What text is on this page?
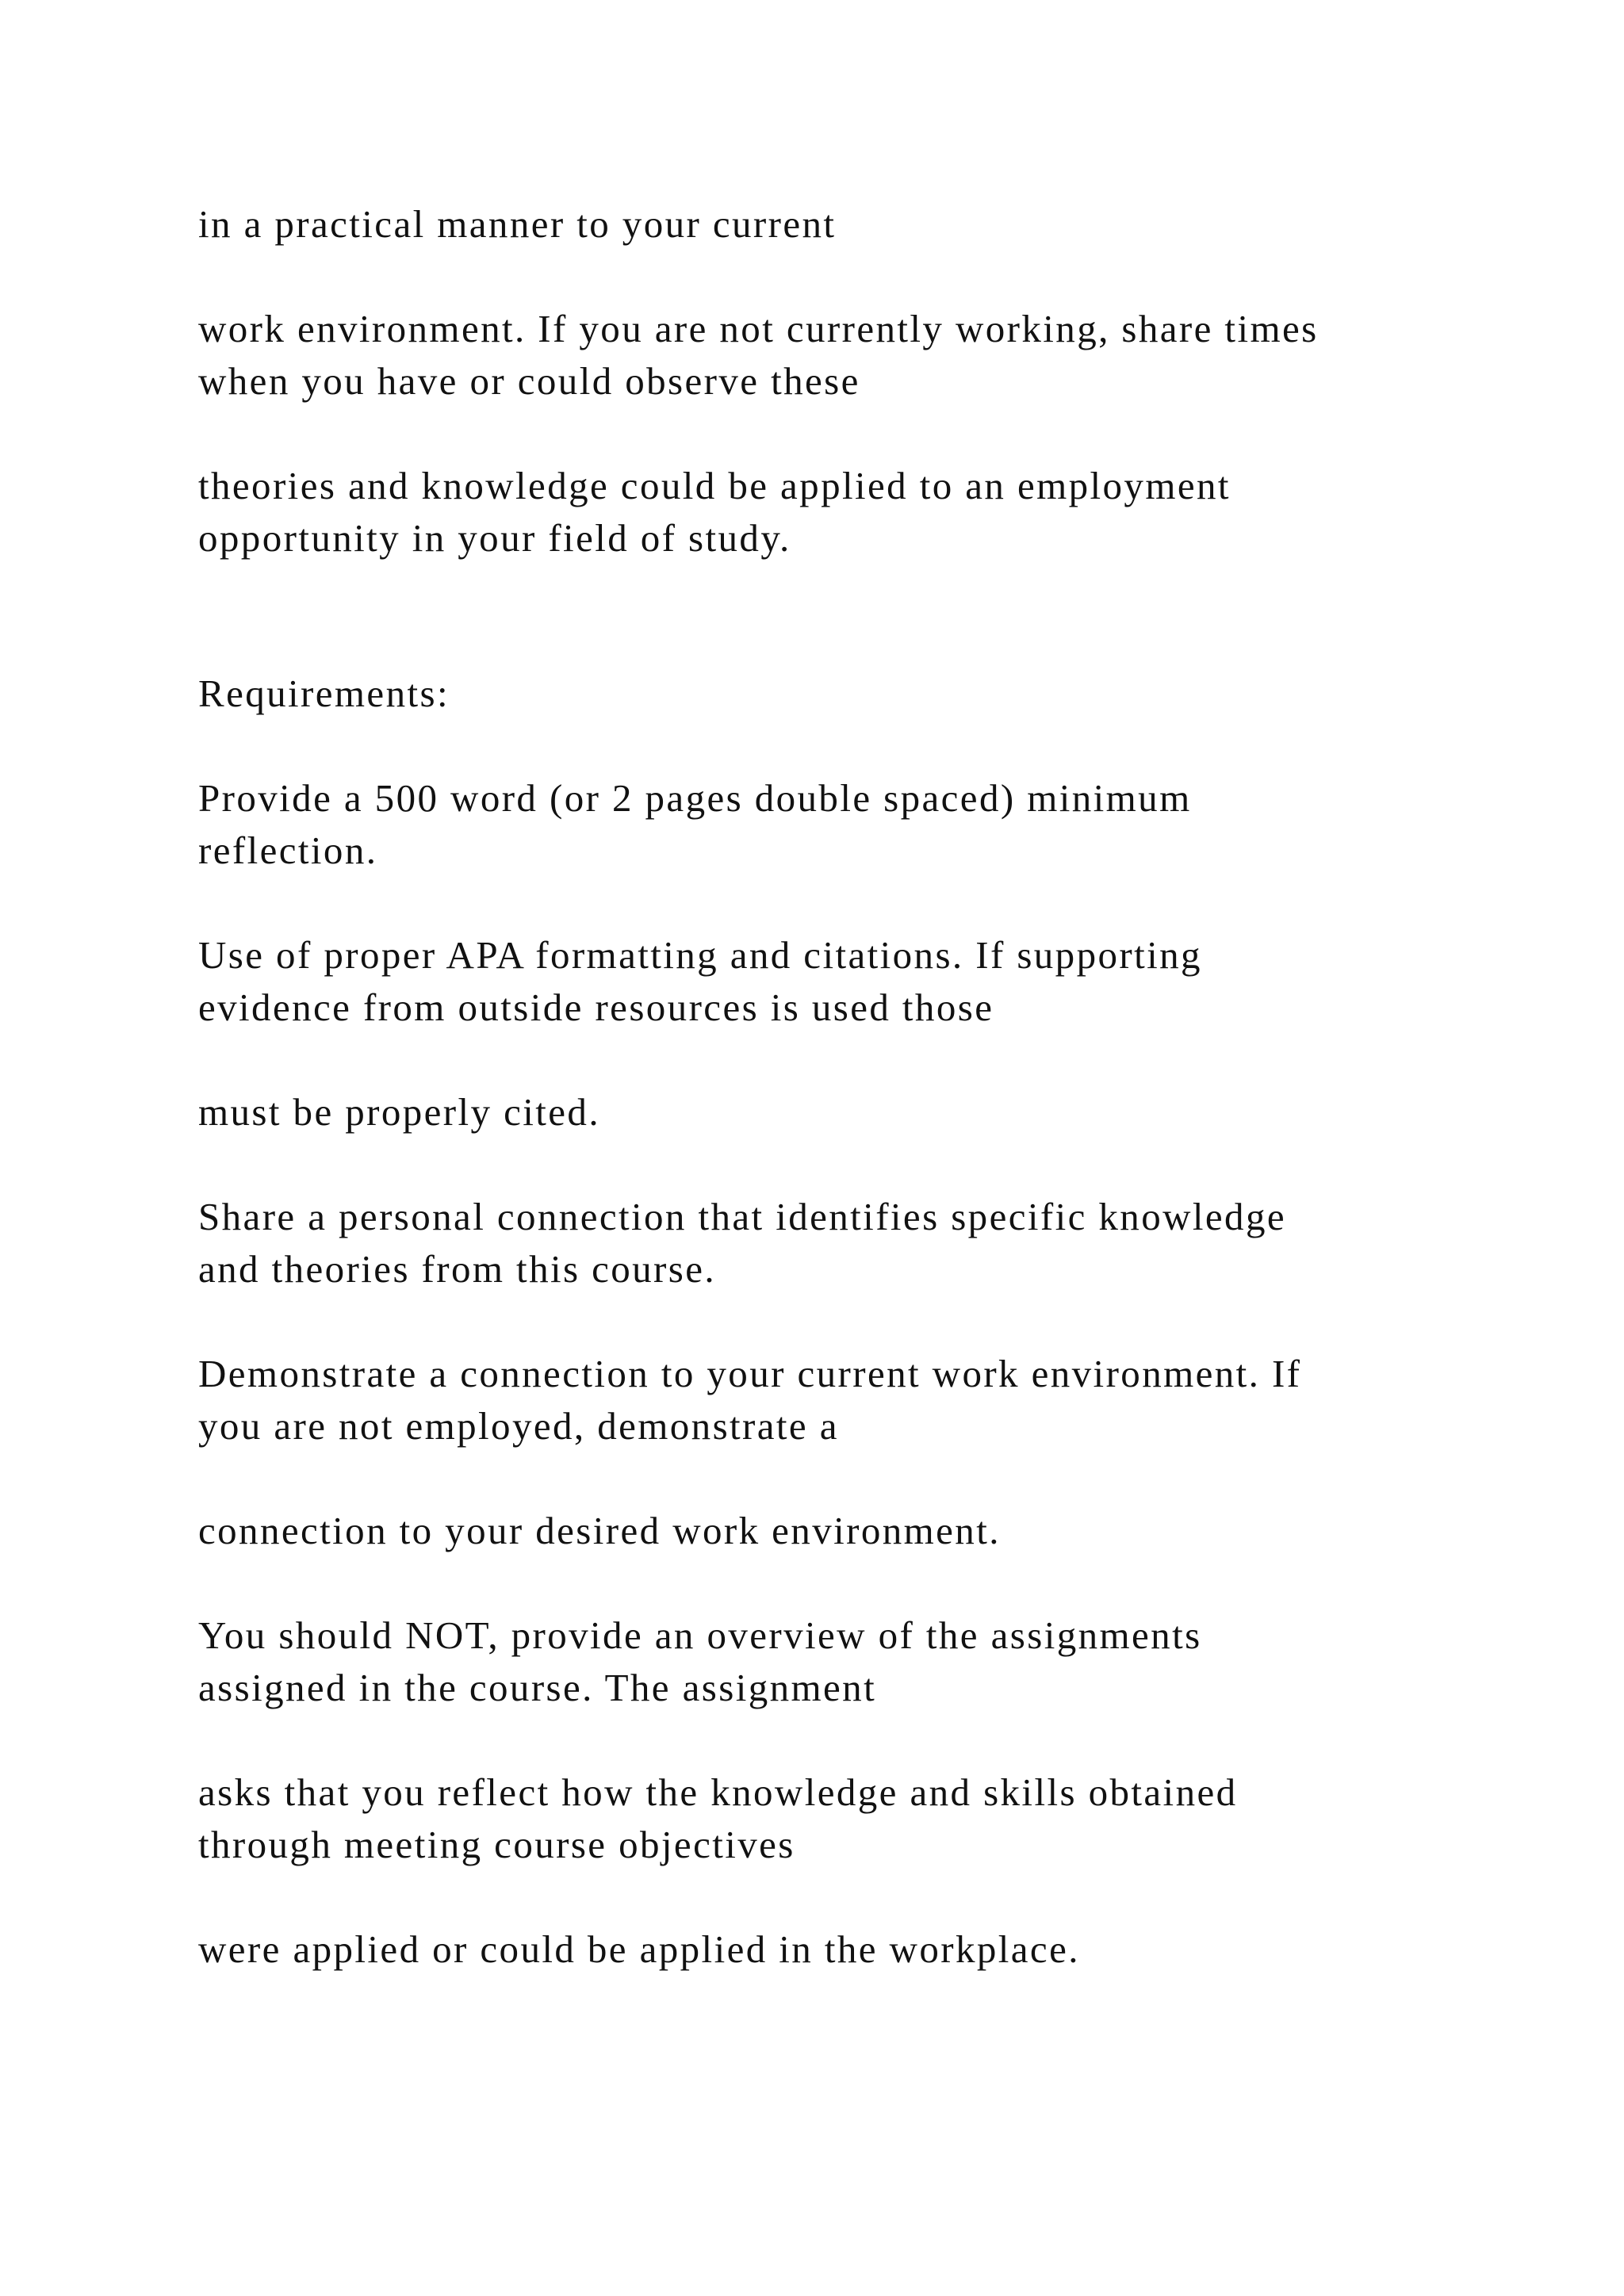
in a practical manner to your current
work environment. If you are not currently working, share times
when you have or could observe these
theories and knowledge could be applied to an employment
opportunity in your field of study.
Requirements:
Provide a 500 word (or 2 pages double spaced) minimum
reflection.
Use of proper APA formatting and citations. If supporting
evidence from outside resources is used those
must be properly cited.
Share a personal connection that identifies specific knowledge
and theories from this course.
Demonstrate a connection to your current work environment. If
you are not employed, demonstrate a
connection to your desired work environment.
You should NOT, provide an overview of the assignments
assigned in the course. The assignment
asks that you reflect how the knowledge and skills obtained
through meeting course objectives
were applied or could be applied in the workplace.
